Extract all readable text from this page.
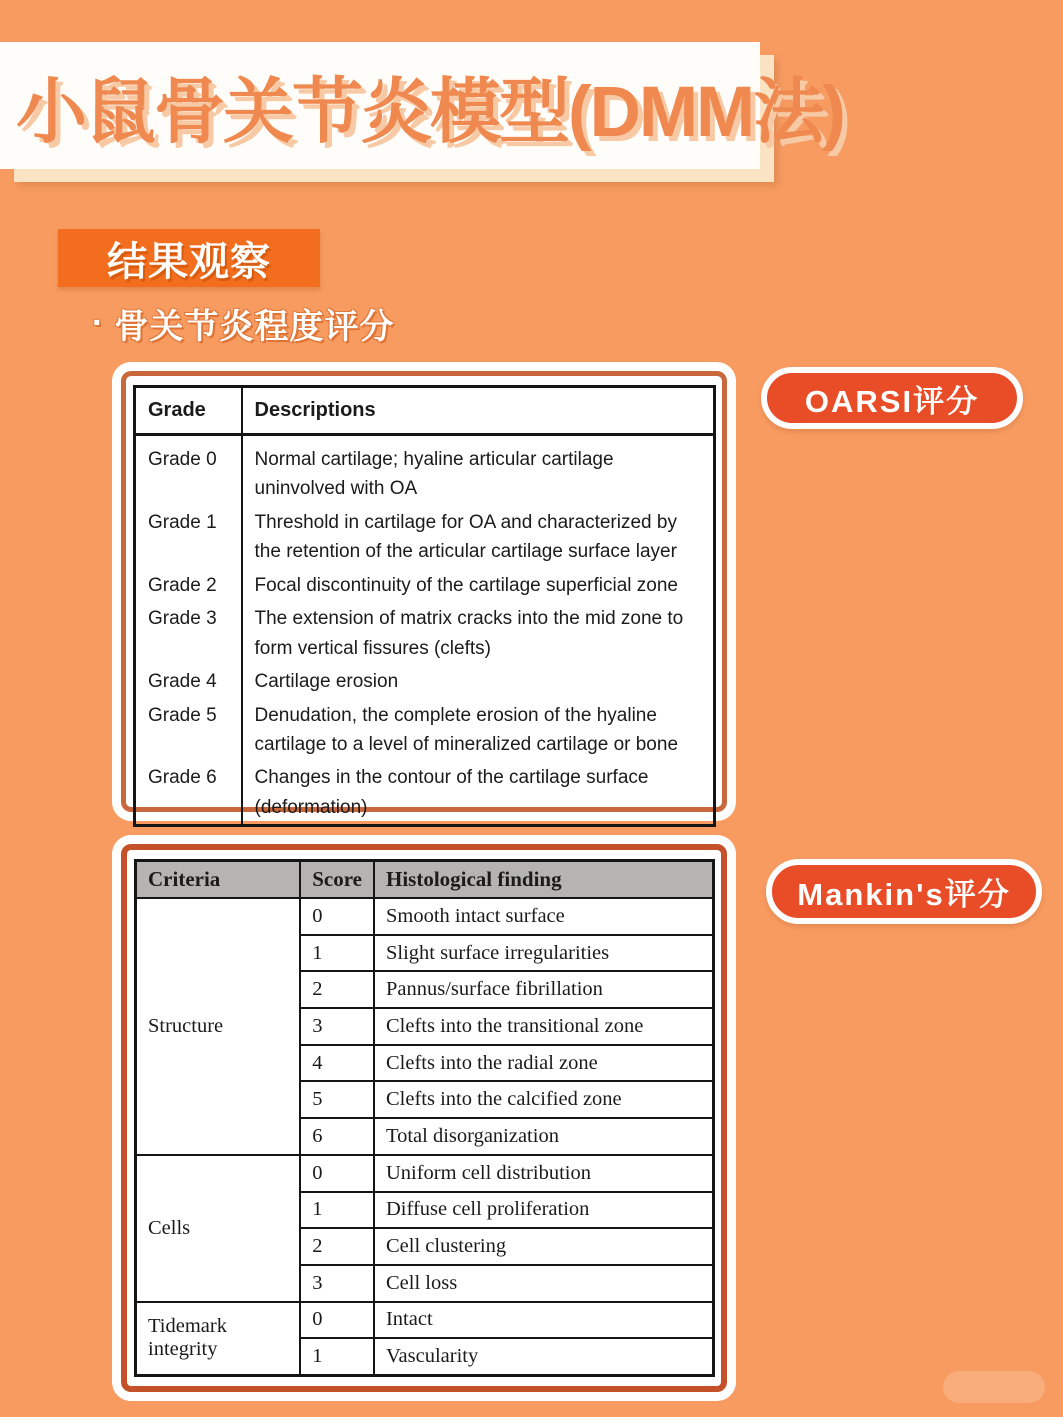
小鼠骨关节炎模型(DMM法)
结果观察
· 骨关节炎程度评分
Grade	Descriptions
Grade 0	Normal cartilage; hyaline articular cartilage uninvolved with OA
Grade 1	Threshold in cartilage for OA and characterized by the retention of the articular cartilage surface layer
Grade 2	Focal discontinuity of the cartilage superficial zone
Grade 3	The extension of matrix cracks into the mid zone to form vertical fissures (clefts)
Grade 4	Cartilage erosion
Grade 5	Denudation, the complete erosion of the hyaline cartilage to a level of mineralized cartilage or bone
Grade 6	Changes in the contour of the cartilage surface (deformation)
OARSI评分
Criteria	Score	Histological finding
Structure	0	Smooth intact surface
	1	Slight surface irregularities
	2	Pannus/surface fibrillation
	3	Clefts into the transitional zone
	4	Clefts into the radial zone
	5	Clefts into the calcified zone
	6	Total disorganization
Cells	0	Uniform cell distribution
	1	Diffuse cell proliferation
	2	Cell clustering
	3	Cell loss
Tidemark integrity	0	Intact
	1	Vascularity
Mankin's评分
